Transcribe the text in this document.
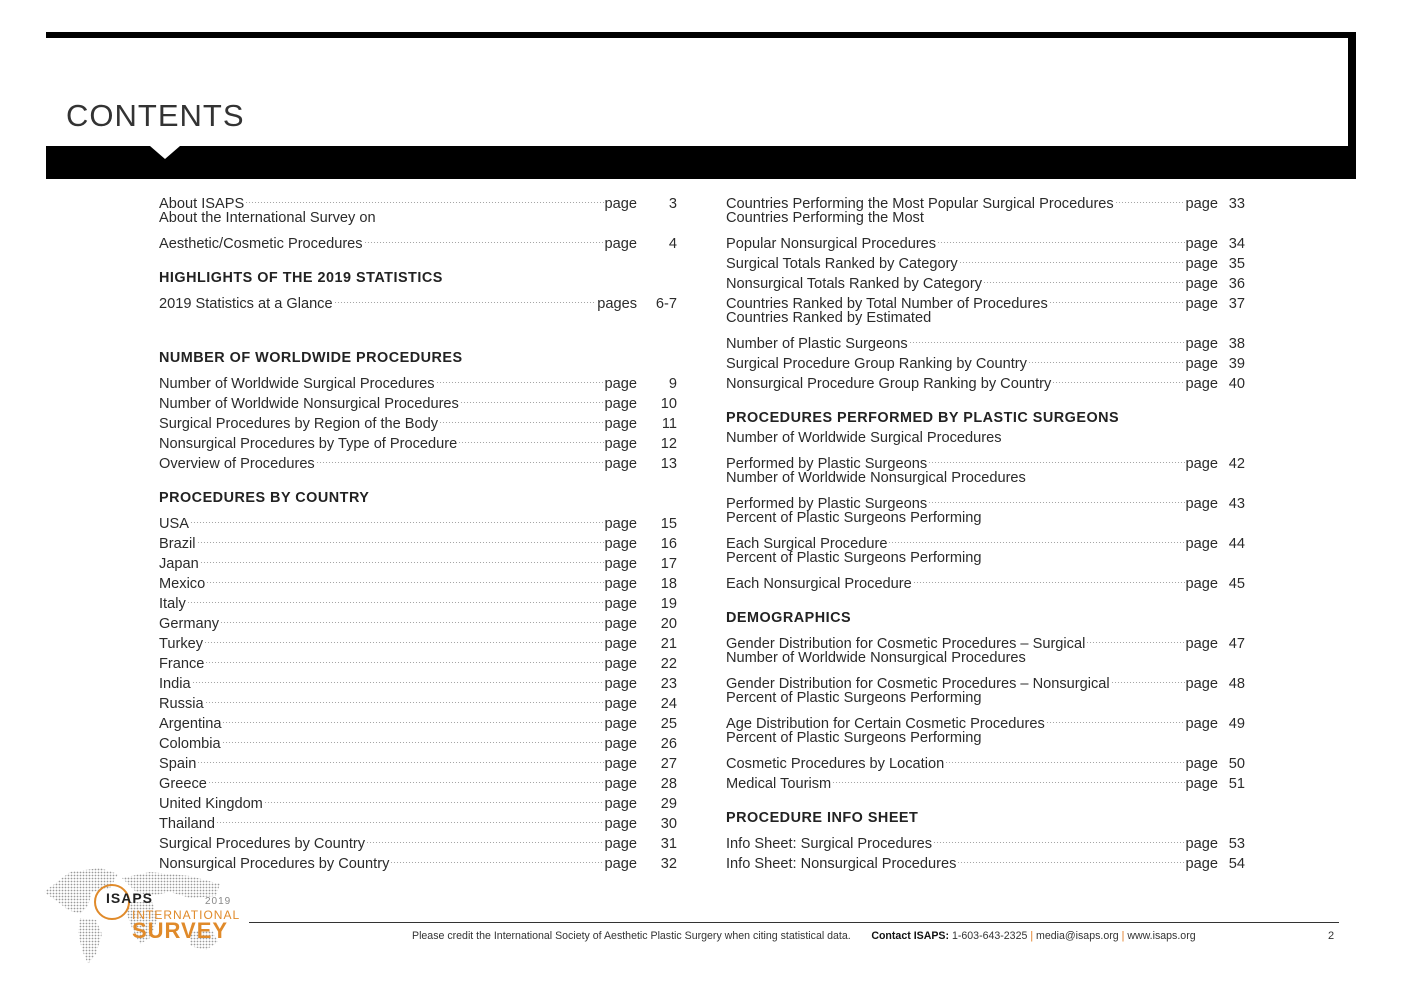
CONTENTS
About ISAPS	page	3
About the International Survey on
Aesthetic/Cosmetic Procedures	page	4
HIGHLIGHTS OF THE 2019 STATISTICS
2019 Statistics at a Glance	pages	6-7
NUMBER OF WORLDWIDE PROCEDURES
Number of Worldwide Surgical Procedures	page	9
Number of Worldwide Nonsurgical Procedures	page	10
Surgical Procedures by Region of the Body	page	11
Nonsurgical Procedures by Type of Procedure	page	12
Overview of Procedures	page	13
PROCEDURES BY COUNTRY
USA	page	15
Brazil	page	16
Japan	page	17
Mexico	page	18
Italy	page	19
Germany	page	20
Turkey	page	21
France	page	22
India	page	23
Russia	page	24
Argentina	page	25
Colombia	page	26
Spain	page	27
Greece	page	28
United Kingdom	page	29
Thailand	page	30
Surgical Procedures by Country	page	31
Nonsurgical Procedures by Country	page	32
Countries Performing the Most Popular Surgical Procedures	page 33
Countries Performing the Most
Popular Nonsurgical Procedures	page 34
Surgical Totals Ranked by Category	page 35
Nonsurgical Totals Ranked by Category	page 36
Countries Ranked by Total Number of Procedures	page 37
Countries Ranked by Estimated
Number of Plastic Surgeons	page 38
Surgical Procedure Group Ranking by Country	page 39
Nonsurgical Procedure Group Ranking by Country	page 40
PROCEDURES PERFORMED BY PLASTIC SURGEONS
Number of Worldwide Surgical Procedures
Performed by Plastic Surgeons	page 42
Number of Worldwide Nonsurgical Procedures
Performed by Plastic Surgeons	page 43
Percent of Plastic Surgeons Performing
Each Surgical Procedure	page 44
Percent of Plastic Surgeons Performing
Each Nonsurgical Procedure	page 45
DEMOGRAPHICS
Gender Distribution for Cosmetic Procedures – Surgical	page 47
Number of Worldwide Nonsurgical Procedures
Gender Distribution for Cosmetic Procedures – Nonsurgical	page 48
Percent of Plastic Surgeons Performing
Age Distribution for Certain Cosmetic Procedures	page 49
Percent of Plastic Surgeons Performing
Cosmetic Procedures by Location	page 50
Medical Tourism	page 51
PROCEDURE INFO SHEET
Info Sheet: Surgical Procedures	page 53
Info Sheet: Nonsurgical Procedures	page 54
ISAPS	2019
INTERNATIONAL
SURVEY	Please credit the International Society of Aesthetic Plastic Surgery when citing statistical data. Contact ISAPS: 1-603-643-2325 | media@isaps.org | www.isaps.org	2
